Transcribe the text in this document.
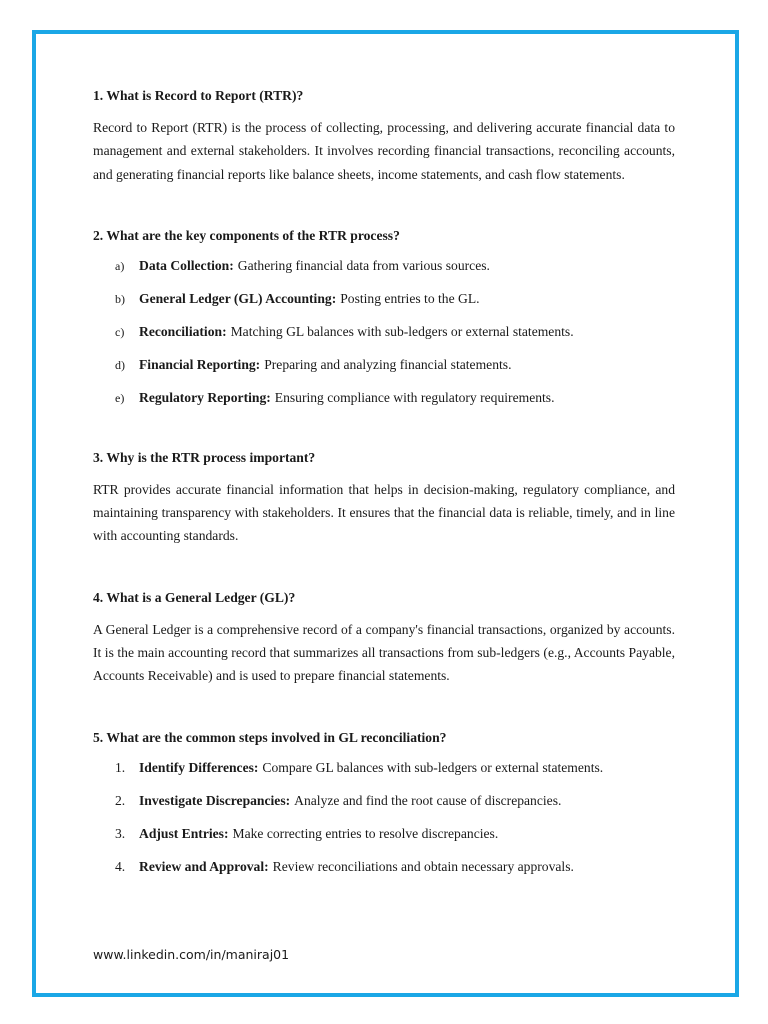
1. What is Record to Report (RTR)?

Record to Report (RTR) is the process of collecting, processing, and delivering accurate financial data to management and external stakeholders. It involves recording financial transactions, reconciling accounts, and generating financial reports like balance sheets, income statements, and cash flow statements.

2. What are the key components of the RTR process?

a)	Data Collection: Gathering financial data from various sources.
b)	General Ledger (GL) Accounting: Posting entries to the GL.
c)	Reconciliation: Matching GL balances with sub-ledgers or external statements.
d)	Financial Reporting: Preparing and analyzing financial statements.
e)	Regulatory Reporting: Ensuring compliance with regulatory requirements.

3. Why is the RTR process important?

RTR provides accurate financial information that helps in decision-making, regulatory compliance, and maintaining transparency with stakeholders. It ensures that the financial data is reliable, timely, and in line with accounting standards.

4. What is a General Ledger (GL)?

A General Ledger is a comprehensive record of a company's financial transactions, organized by accounts. It is the main accounting record that summarizes all transactions from sub-ledgers (e.g., Accounts Payable, Accounts Receivable) and is used to prepare financial statements.

5. What are the common steps involved in GL reconciliation?

1.	Identify Differences: Compare GL balances with sub-ledgers or external statements.
2.	Investigate Discrepancies: Analyze and find the root cause of discrepancies.
3.	Adjust Entries: Make correcting entries to resolve discrepancies.
4.	Review and Approval: Review reconciliations and obtain necessary approvals.
www.linkedin.com/in/maniraj01
